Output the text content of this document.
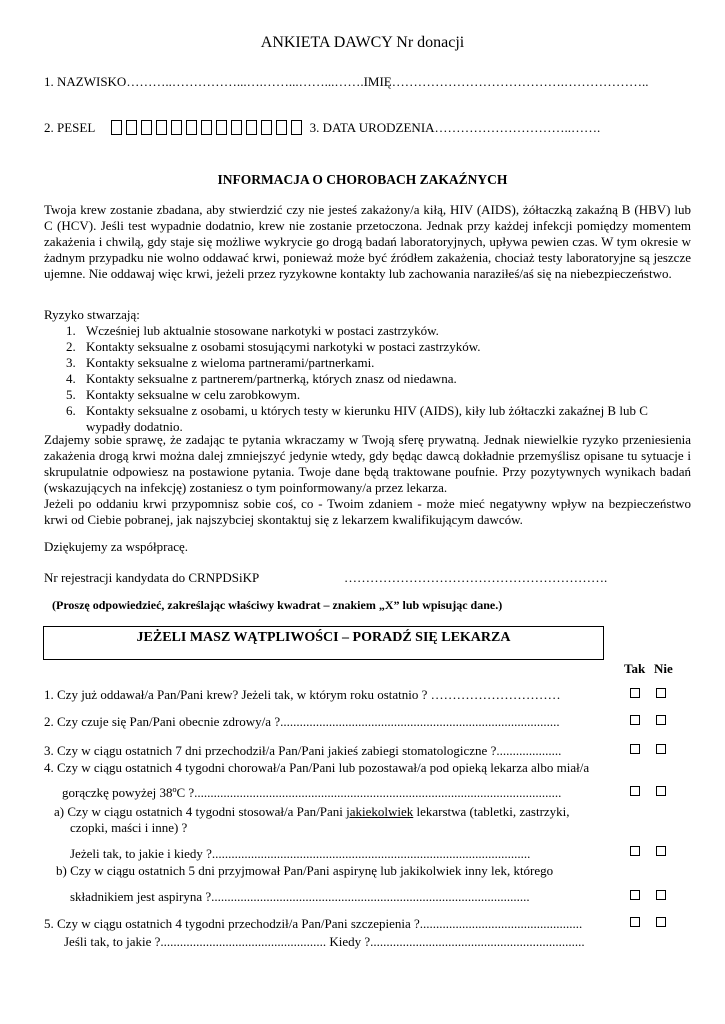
ANKIETA DAWCY Nr donacji
1. NAZWISKO………..……………...….……...……...…….IMIĘ………………………………….………………..
2. PESEL	3. DATA URODZENIA…………………………..…….
INFORMACJA O CHOROBACH ZAKAŹNYCH

Twoja krew zostanie zbadana, aby stwierdzić czy nie jesteś zakażony/a kiłą, HIV (AIDS), żółtaczką zakaźną B (HBV) lub C (HCV). Jeśli test wypadnie dodatnio, krew nie zostanie przetoczona. Jednak przy każdej infekcji pomiędzy momentem zakażenia i chwilą, gdy staje się możliwe wykrycie go drogą badań laboratoryjnych, upływa pewien czas. W tym okresie w żadnym przypadku nie wolno oddawać krwi, ponieważ może być źródłem zakażenia, chociaż testy laboratoryjne są jeszcze ujemne. Nie oddawaj więc krwi, jeżeli przez ryzykowne kontakty lub zachowania naraziłeś/aś się na niebezpieczeństwo.

Ryzyko stwarzają:
1. Wcześniej lub aktualnie stosowane narkotyki w postaci zastrzyków.
2. Kontakty seksualne z osobami stosującymi narkotyki w postaci zastrzyków.
3. Kontakty seksualne z wieloma partnerami/partnerkami.
4. Kontakty seksualne z partnerem/partnerką, których znasz od niedawna.
5. Kontakty seksualne w celu zarobkowym.
6. Kontakty seksualne z osobami, u których testy w kierunku HIV (AIDS), kiły lub żółtaczki zakaźnej B lub C wypadły dodatnio.

Zdajemy sobie sprawę, że zadając te pytania wkraczamy w Twoją sferę prywatną. Jednak niewielkie ryzyko przeniesienia zakażenia drogą krwi można dalej zmniejszyć jedynie wtedy, gdy będąc dawcą dokładnie przemyślisz opisane tu sytuacje i skrupulatnie odpowiesz na postawione pytania. Twoje dane będą traktowane poufnie. Przy pozytywnych wynikach badań (wskazujących na infekcję) zostaniesz o tym poinformowany/a przez lekarza.

Jeżeli po oddaniu krwi przypomnisz sobie coś, co - Twoim zdaniem - może mieć negatywny wpływ na bezpieczeństwo krwi od Ciebie pobranej, jak najszybciej skontaktuj się z lekarzem kwalifikującym dawców.

Dziękujemy za współpracę.
Nr rejestracji kandydata do CRNPDSiKP	…………………………………………………….
(Proszę odpowiedzieć, zakreślając właściwy kwadrat – znakiem „X” lub wpisując dane.)
JEŻELI MASZ WĄTPLIWOŚCI – PORADŹ SIĘ LEKARZA
Tak Nie
1. Czy już oddawał/a Pan/Pani krew? Jeżeli tak, w którym roku ostatnio ? …………………………
2. Czy czuje się Pan/Pani obecnie zdrowy/a ?......................................................................................
3. Czy w ciągu ostatnich 7 dni przechodził/a Pan/Pani jakieś zabiegi stomatologiczne ?....................
4. Czy w ciągu ostatnich 4 tygodni chorował/a Pan/Pani lub pozostawał/a pod opieką lekarza albo miał/a
gorączkę powyżej 38ºC ?.................................................................................................................
a) Czy w ciągu ostatnich 4 tygodni stosował/a Pan/Pani jakiekolwiek lekarstwa (tabletki, zastrzyki,
czopki, maści i inne) ?
Jeżeli tak, to jakie i kiedy ?..................................................................................................
b) Czy w ciągu ostatnich 5 dni przyjmował Pan/Pani aspirynę lub jakikolwiek inny lek, którego
składnikiem jest aspiryna ?..................................................................................................
5. Czy w ciągu ostatnich 4 tygodni przechodził/a Pan/Pani szczepienia ?..................................................
Jeśli tak, to jakie ?................................................... Kiedy ?..................................................................
